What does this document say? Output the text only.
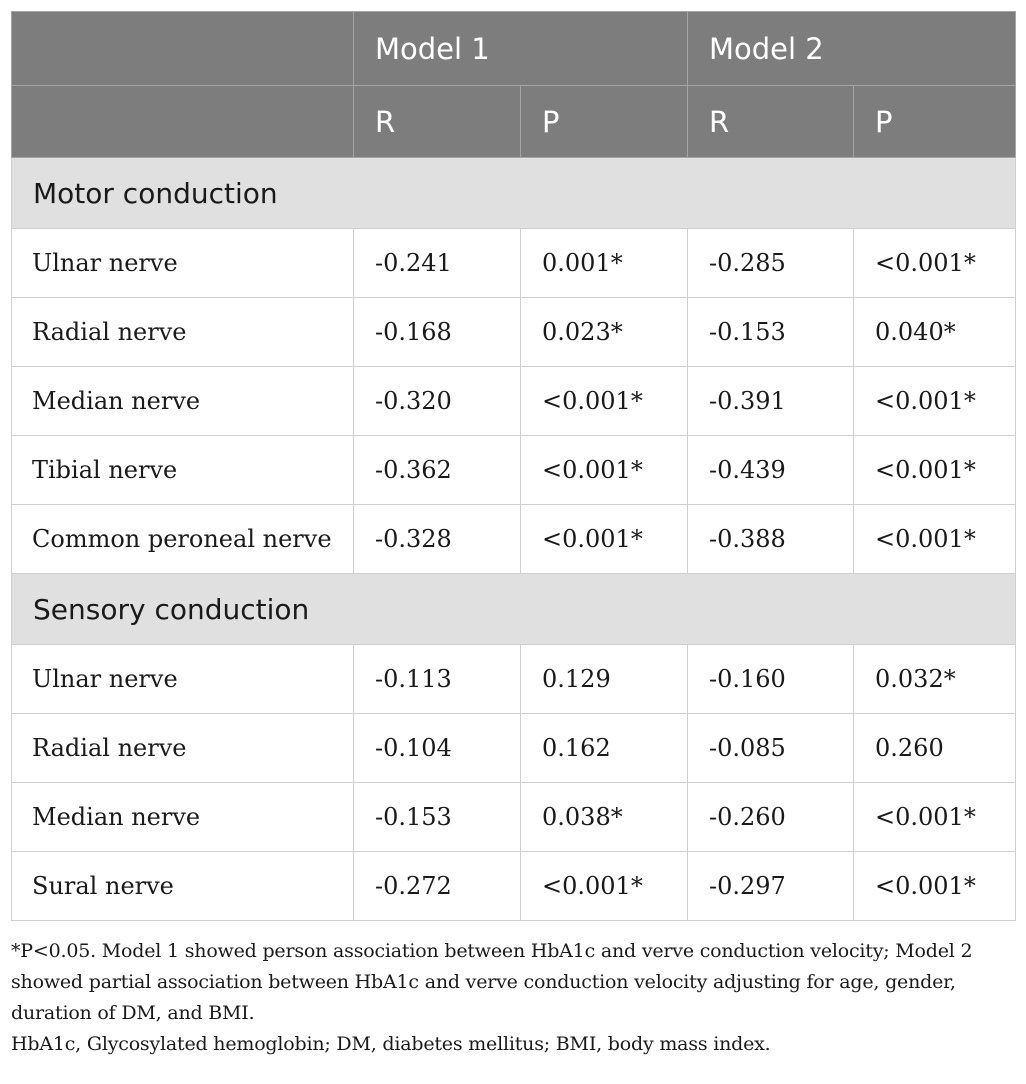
	Model 1		Model 2	
	R	P	R	P
Motor conduction				
Ulnar nerve	-0.241	0.001*	-0.285	<0.001*
Radial nerve	-0.168	0.023*	-0.153	0.040*
Median nerve	-0.320	<0.001*	-0.391	<0.001*
Tibial nerve	-0.362	<0.001*	-0.439	<0.001*
Common peroneal nerve	-0.328	<0.001*	-0.388	<0.001*
Sensory conduction				
Ulnar nerve	-0.113	0.129	-0.160	0.032*
Radial nerve	-0.104	0.162	-0.085	0.260
Median nerve	-0.153	0.038*	-0.260	<0.001*
Sural nerve	-0.272	<0.001*	-0.297	<0.001*

*P<0.05. Model 1 showed person association between HbA1c and verve conduction velocity; Model 2 showed partial association between HbA1c and verve conduction velocity adjusting for age, gender, duration of DM, and BMI.

HbA1c, Glycosylated hemoglobin; DM, diabetes mellitus; BMI, body mass index.
